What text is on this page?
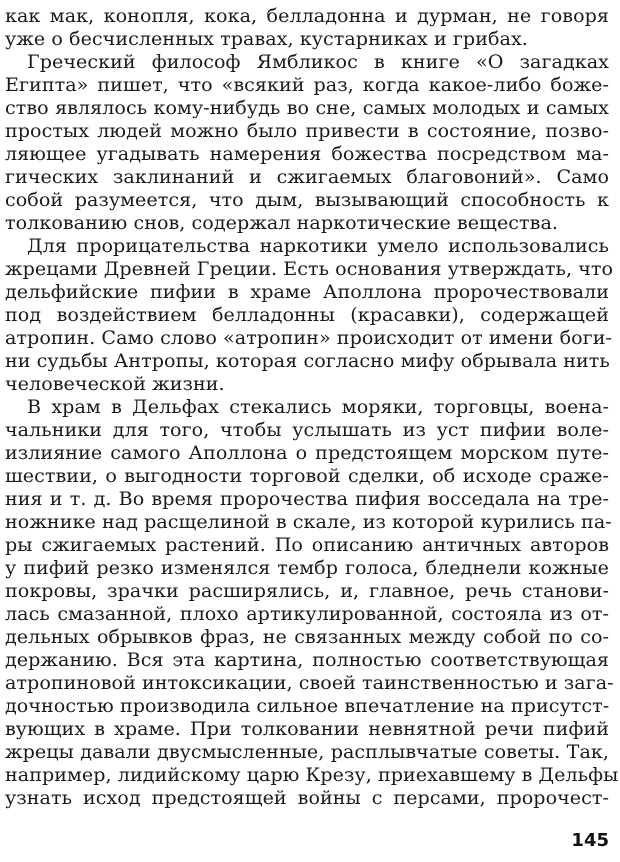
как мак, конопля, кока, белладонна и дурман, не говоря
уже о бесчисленных травах, кустарниках и грибах.
Греческий философ Ямбликос в книге «О загадках
Египта» пишет, что «всякий раз, когда какое-либо боже-
ство являлось кому-нибудь во сне, самых молодых и самых
простых людей можно было привести в состояние, позво-
ляющее угадывать намерения божества посредством ма-
гических заклинаний и сжигаемых благовоний». Само
собой разумеется, что дым, вызывающий способность к
толкованию снов, содержал наркотические вещества.
Для прорицательства наркотики умело использовались
жрецами Древней Греции. Есть основания утверждать, что
дельфийские пифии в храме Аполлона пророчествовали
под воздействием белладонны (красавки), содержащей
атропин. Само слово «атропин» происходит от имени боги-
ни судьбы Антропы, которая согласно мифу обрывала нить
человеческой жизни.
В храм в Дельфах стекались моряки, торговцы, воена-
чальники для того, чтобы услышать из уст пифии воле-
излияние самого Аполлона о предстоящем морском путе-
шествии, о выгодности торговой сделки, об исходе сраже-
ния и т. д. Во время пророчества пифия восседала на тре-
ножнике над расщелиной в скале, из которой курились па-
ры сжигаемых растений. По описанию античных авторов
у пифий резко изменялся тембр голоса, бледнели кожные
покровы, зрачки расширялись, и, главное, речь станови-
лась смазанной, плохо артикулированной, состояла из от-
дельных обрывков фраз, не связанных между собой по со-
держанию. Вся эта картина, полностью соответствующая
атропиновой интоксикации, своей таинственностью и зага-
дочностью производила сильное впечатление на присутст-
вующих в храме. При толковании невнятной речи пифий
жрецы давали двусмысленные, расплывчатые советы. Так,
например, лидийскому царю Крезу, приехавшему в Дельфы
узнать исход предстоящей войны с персами, пророчест-
145
